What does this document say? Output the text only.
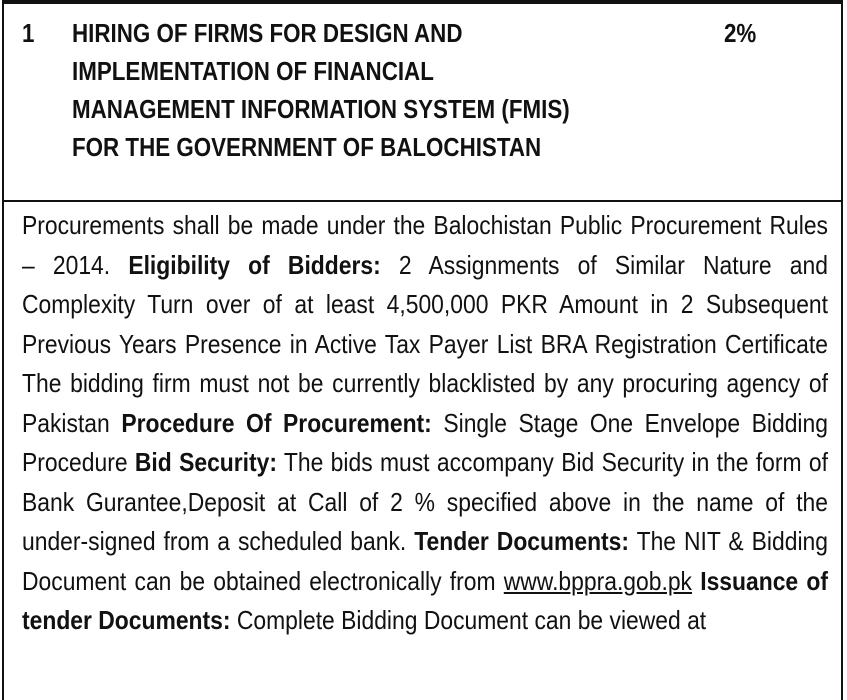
1 HIRING OF FIRMS FOR DESIGN AND IMPLEMENTATION OF FINANCIAL MANAGEMENT INFORMATION SYSTEM (FMIS) FOR THE GOVERNMENT OF BALOCHISTAN
2%
Procurements shall be made under the Balochistan Public Procurement Rules – 2014. Eligibility of Bidders: 2 Assignments of Similar Nature and Complexity Turn over of at least 4,500,000 PKR Amount in 2 Subsequent Previous Years Presence in Active Tax Payer List BRA Registration Certificate The bidding firm must not be currently blacklisted by any procuring agency of Pakistan Procedure Of Procurement: Single Stage One Envelope Bidding Procedure Bid Security: The bids must accompany Bid Security in the form of Bank Gurantee,Deposit at Call of 2 % specified above in the name of the under-signed from a scheduled bank. Tender Documents: The NIT & Bidding Document can be obtained electronically from www.bppra.gob.pk Issuance of tender Documents: Complete Bidding Document can be viewed at
